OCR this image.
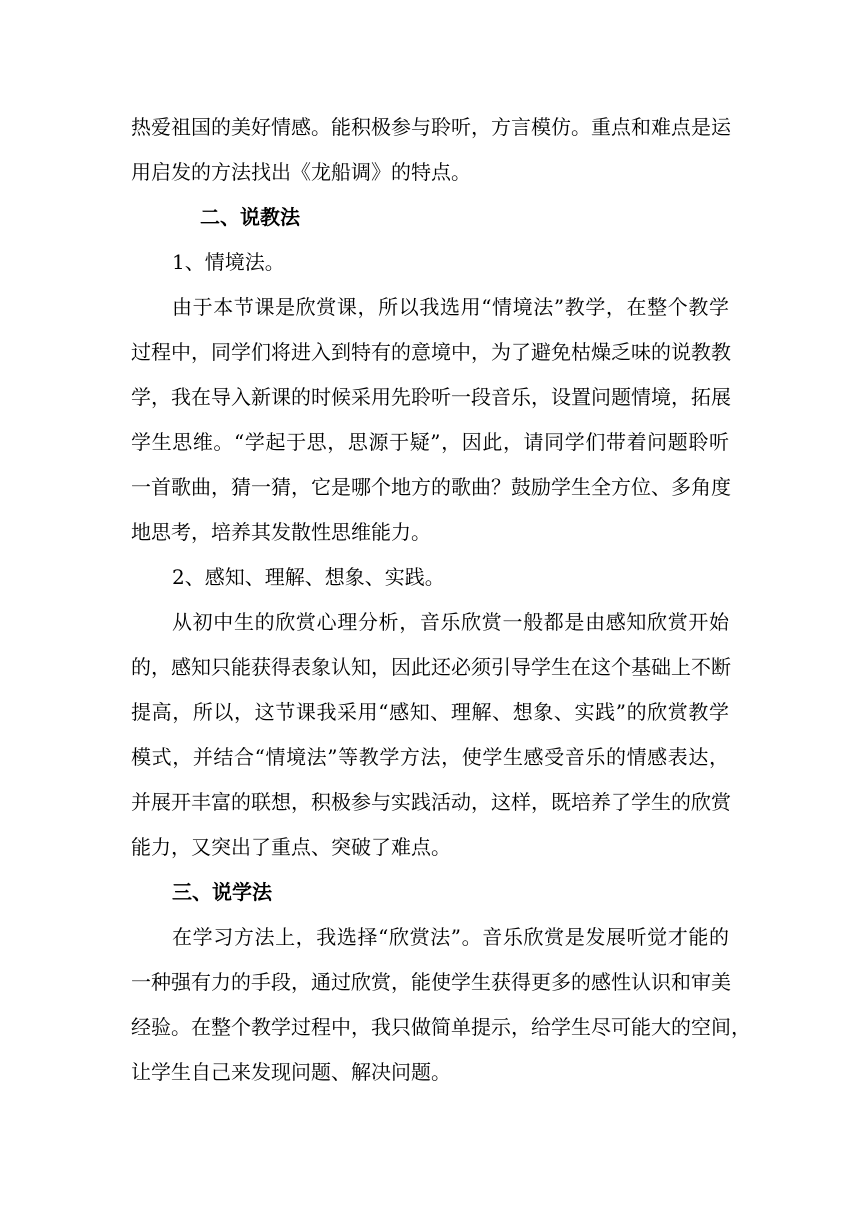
热爱祖国的美好情感。能积极参与聆听，方言模仿。重点和难点是运
用启发的方法找出《龙船调》的特点。
二、说教法
1、情境法。
由于本节课是欣赏课，所以我选用“情境法”教学，在整个教学
过程中，同学们将进入到特有的意境中，为了避免枯燥乏味的说教教
学，我在导入新课的时候采用先聆听一段音乐，设置问题情境，拓展
学生思维。“学起于思，思源于疑”，因此，请同学们带着问题聆听
一首歌曲，猜一猜，它是哪个地方的歌曲？鼓励学生全方位、多角度
地思考，培养其发散性思维能力。
2、感知、理解、想象、实践。
从初中生的欣赏心理分析，音乐欣赏一般都是由感知欣赏开始
的，感知只能获得表象认知，因此还必须引导学生在这个基础上不断
提高，所以，这节课我采用“感知、理解、想象、实践”的欣赏教学
模式，并结合“情境法”等教学方法，使学生感受音乐的情感表达，
并展开丰富的联想，积极参与实践活动，这样，既培养了学生的欣赏
能力，又突出了重点、突破了难点。
三、说学法
在学习方法上，我选择“欣赏法”。音乐欣赏是发展听觉才能的
一种强有力的手段，通过欣赏，能使学生获得更多的感性认识和审美
经验。在整个教学过程中，我只做简单提示，给学生尽可能大的空间，
让学生自己来发现问题、解决问题。
